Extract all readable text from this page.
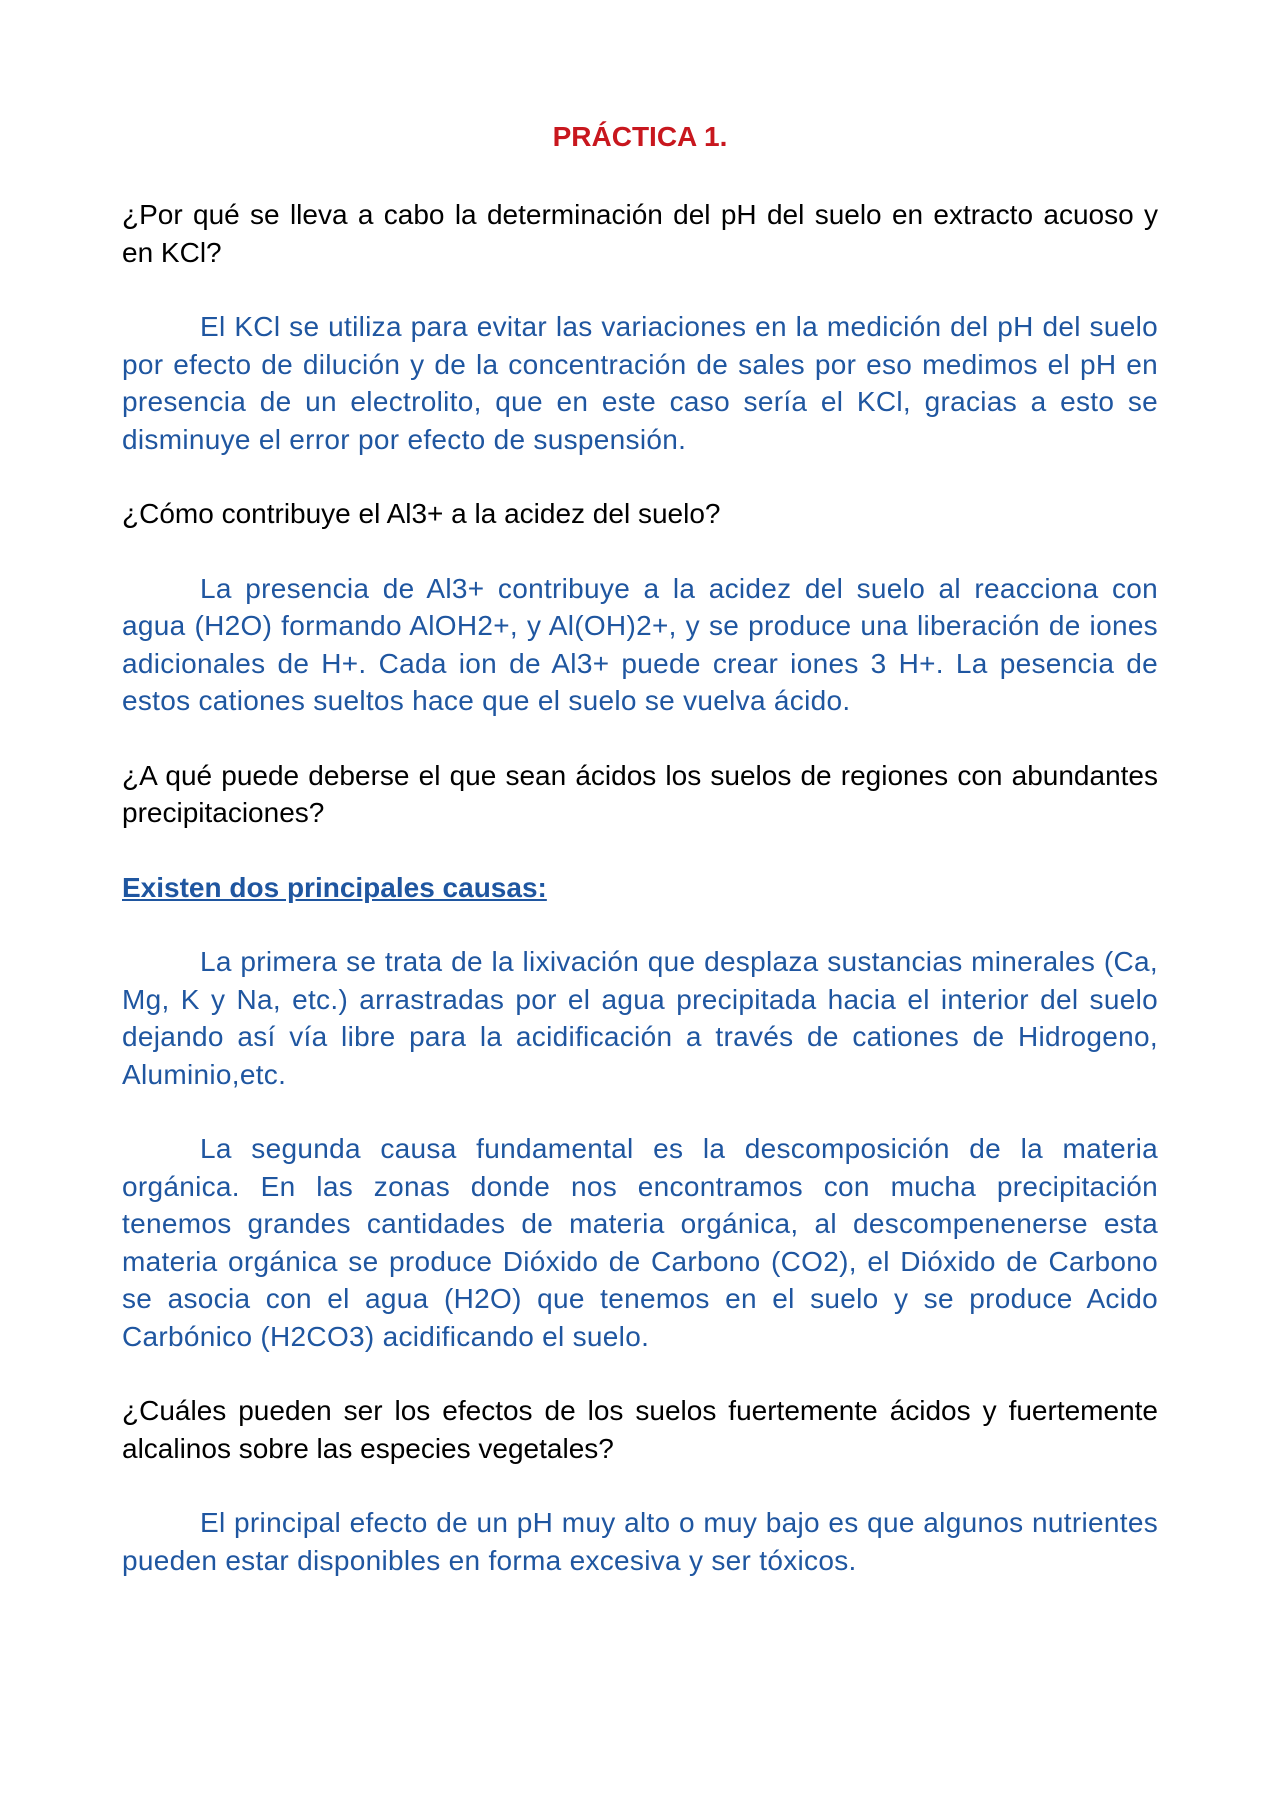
PRÁCTICA 1.
¿Por qué se lleva a cabo la determinación del pH del suelo en extracto acuoso y en KCl?
El KCl se utiliza para evitar las variaciones en la medición del pH del suelo por efecto de dilución y de la concentración de sales por eso medimos el pH en presencia de un electrolito, que en este caso sería el KCl, gracias a esto se disminuye el error por efecto de suspensión.
¿Cómo contribuye el Al3+ a la acidez del suelo?
La presencia de Al3+ contribuye a la acidez del suelo al reacciona con agua (H2O) formando AlOH2+, y Al(OH)2+, y se produce una liberación de iones adicionales de H+. Cada ion de Al3+ puede crear iones 3 H+. La pesencia de estos cationes sueltos hace que el suelo se vuelva ácido.
¿A qué puede deberse el que sean ácidos los suelos de regiones con abundantes precipitaciones?
Existen dos principales causas:
La primera se trata de la lixivación que desplaza sustancias minerales (Ca, Mg, K y Na, etc.) arrastradas por el agua precipitada hacia el interior del suelo dejando así vía libre para la acidificación a través de cationes de Hidrogeno, Aluminio,etc.
La segunda causa fundamental es la descomposición de la materia orgánica. En las zonas donde nos encontramos con mucha precipitación tenemos grandes cantidades de materia orgánica, al descompenenerse esta materia orgánica se produce Dióxido de Carbono (CO2), el Dióxido de Carbono se asocia con el agua (H2O) que tenemos en el suelo y se produce Acido Carbónico (H2CO3) acidificando el suelo.
¿Cuáles pueden ser los efectos de los suelos fuertemente ácidos y fuertemente alcalinos sobre las especies vegetales?
El principal efecto de un pH muy alto o muy bajo es que algunos nutrientes pueden estar disponibles en forma excesiva y ser tóxicos.
